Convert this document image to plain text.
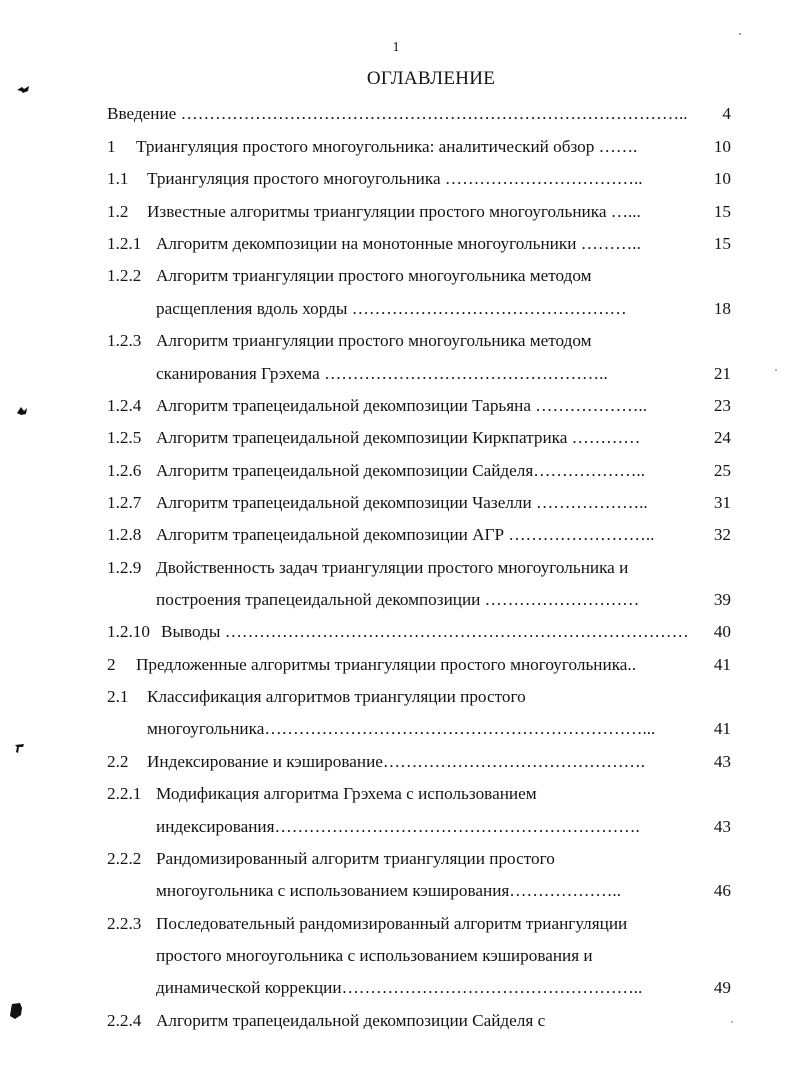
1
ОГЛАВЛЕНИЕ
Введение …………………………………………………………………………….. 4
1 Триангуляция простого многоугольника: аналитический обзор …….	10
1.1 Триангуляция простого многоугольника ……………………………..	10
1.2 Известные алгоритмы триангуляции простого многоугольника …...	15
1.2.1 Алгоритм декомпозиции на монотонные многоугольники ………..	15
1.2.2 Алгоритм триангуляции простого многоугольника методом
расщепления вдоль хорды …………………………………………	18
1.2.3 Алгоритм триангуляции простого многоугольника методом
сканирования Грэхема …………………………………………..	21
1.2.4 Алгоритм трапецеидальной декомпозиции Тарьяна ………………..	23
1.2.5 Алгоритм трапецеидальной декомпозиции Киркпатрика …………	24
1.2.6 Алгоритм трапецеидальной декомпозиции Сайделя………………..	25
1.2.7 Алгоритм трапецеидальной декомпозиции Чазелли ………………..	31
1.2.8 Алгоритм трапецеидальной декомпозиции АГР ……………………..	32
1.2.9 Двойственность задач триангуляции простого многоугольника и
построения трапецеидальной декомпозиции ………………………	39
1.2.10 Выводы ……………………………………………………………………… 40
2 Предложенные алгоритмы триангуляции простого многоугольника..	41
2.1 Классификация алгоритмов триангуляции простого
многоугольника…………………………………………………………...	41
2.2 Индексирование и кэширование……………………………………….	43
2.2.1 Модификация алгоритма Грэхема с использованием
индексирования……………………………………………………….	43
2.2.2 Рандомизированный алгоритм триангуляции простого
многоугольника с использованием кэширования………………..	46
2.2.3 Последовательный рандомизированный алгоритм триангуляции
простого многоугольника с использованием кэширования и
динамической коррекции……………………………………………..	49
2.2.4 Алгоритм трапецеидальной декомпозиции Сайделя с
